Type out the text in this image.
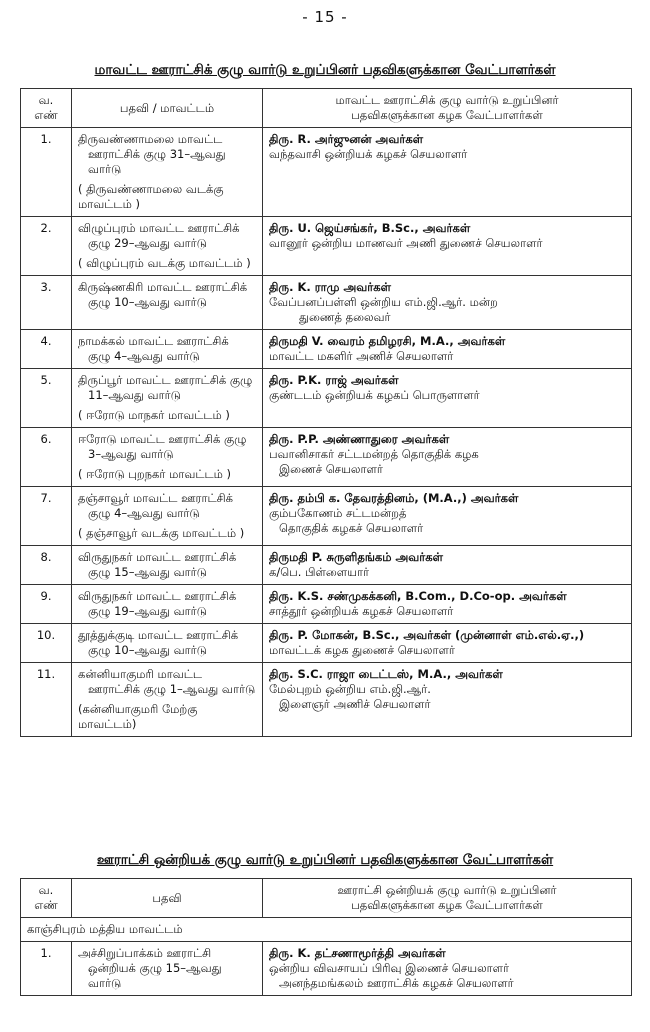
- 15 -
மாவட்ட ஊராட்சிக் குழு வார்டு உறுப்பினர் பதவிகளுக்கான வேட்பாளர்கள்
வ.
எண்	பதவி / மாவட்டம்	மாவட்ட ஊராட்சிக் குழு வார்டு உறுப்பினர்
பதவிகளுக்கான கழக வேட்பாளர்கள்

1.	திருவண்ணாமலை மாவட்ட
ஊராட்சிக் குழு 31–ஆவது வார்டு
( திருவண்ணாமலை வடக்கு
மாவட்டம் )	திரு. R. அர்ஜுனன் அவர்கள்
வந்தவாசி ஒன்றியக் கழகச் செயலாளர்

2.	விழுப்புரம் மாவட்ட ஊராட்சிக்
குழு 29–ஆவது வார்டு
( விழுப்புரம் வடக்கு மாவட்டம் )	திரு. U. ஜெய்சங்கர், B.Sc., அவர்கள்
வானூர் ஒன்றிய மாணவர் அணி துணைச் செயலாளர்

3.	கிருஷ்ணகிரி மாவட்ட ஊராட்சிக்
குழு 10–ஆவது வார்டு	திரு. K. ராமு அவர்கள்
வேப்பனப்பள்ளி ஒன்றிய எம்.ஜி.ஆர். மன்ற
துணைத் தலைவர்

4.	நாமக்கல் மாவட்ட ஊராட்சிக்
குழு 4–ஆவது வார்டு	திருமதி V. வைரம் தமிழரசி, M.A., அவர்கள்
மாவட்ட மகளிர் அணிச் செயலாளர்

5.	திருப்பூர் மாவட்ட ஊராட்சிக் குழு
11–ஆவது வார்டு
( ஈரோடு மாநகர் மாவட்டம் )	திரு. P.K. ராஜ் அவர்கள்
குண்டடம் ஒன்றியக் கழகப் பொருளாளர்

6.	ஈரோடு மாவட்ட ஊராட்சிக் குழு
3–ஆவது வார்டு
( ஈரோடு புறநகர் மாவட்டம் )	திரு. P.P. அண்ணாதுரை அவர்கள்
பவானிசாகர் சட்டமன்றத் தொகுதிக் கழக
இணைச் செயலாளர்

7.	தஞ்சாவூர் மாவட்ட ஊராட்சிக்
குழு 4–ஆவது வார்டு
( தஞ்சாவூர் வடக்கு மாவட்டம் )	திரு. தம்பி க. தேவரத்தினம், (M.A.,) அவர்கள்
கும்பகோணம் சட்டமன்றத்
தொகுதிக் கழகச் செயலாளர்

8.	விருதுநகர் மாவட்ட ஊராட்சிக்
குழு 15–ஆவது வார்டு	திருமதி P. சுருளிதங்கம் அவர்கள்
க/பெ. பிள்ளையார்

9.	விருதுநகர் மாவட்ட ஊராட்சிக்
குழு 19–ஆவது வார்டு	திரு. K.S. சண்முகக்கனி, B.Com., D.Co-op. அவர்கள்
சாத்தூர் ஒன்றியக் கழகச் செயலாளர்

10.	தூத்துக்குடி மாவட்ட ஊராட்சிக்
குழு 10–ஆவது வார்டு	திரு. P. மோகன், B.Sc., அவர்கள் (முன்னாள் எம்.எல்.ஏ.,)
மாவட்டக் கழக துணைச் செயலாளர்

11.	கன்னியாகுமரி மாவட்ட
ஊராட்சிக் குழு 1–ஆவது வார்டு
(கன்னியாகுமரி மேற்கு மாவட்டம்)	திரு. S.C. ராஜா டைட்டஸ், M.A., அவர்கள்
மேல்புறம் ஒன்றிய எம்.ஜி.ஆர்.
இளைஞர் அணிச் செயலாளர்
ஊராட்சி ஒன்றியக் குழு வார்டு உறுப்பினர் பதவிகளுக்கான வேட்பாளர்கள்
வ.
எண்	பதவி	ஊராட்சி ஒன்றியக் குழு வார்டு உறுப்பினர்
பதவிகளுக்கான கழக வேட்பாளர்கள்

காஞ்சிபுரம் மத்திய மாவட்டம்		
1.	அச்சிறுப்பாக்கம் ஊராட்சி
ஒன்றியக் குழு 15–ஆவது வார்டு	திரு. K. தட்சணாமூர்த்தி அவர்கள்
ஒன்றிய விவசாயப் பிரிவு இணைச் செயலாளர்
அனந்தமங்கலம் ஊராட்சிக் கழகச் செயலாளர்
